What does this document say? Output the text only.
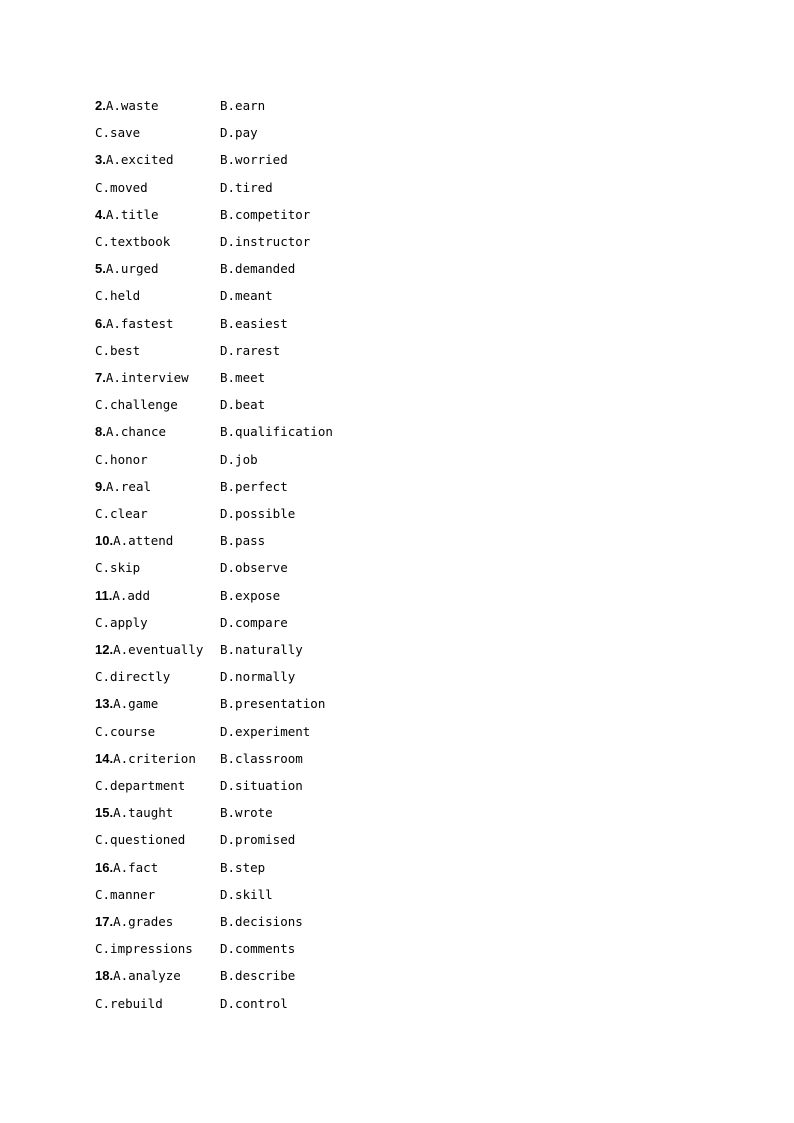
2.A.waste	B.earn
C.save	D.pay
3.A.excited	B.worried
C.moved	D.tired
4.A.title	B.competitor
C.textbook	D.instructor
5.A.urged	B.demanded
C.held	D.meant
6.A.fastest	B.easiest
C.best	D.rarest
7.A.interview	B.meet
C.challenge	D.beat
8.A.chance	B.qualification
C.honor	D.job
9.A.real	B.perfect
C.clear	D.possible
10.A.attend	B.pass
C.skip	D.observe
11.A.add	B.expose
C.apply	D.compare
12.A.eventually B.naturally
C.directly	D.normally
13.A.game	B.presentation
C.course	D.experiment
14.A.criterion B.classroom
C.department	D.situation
15.A.taught	B.wrote
C.questioned	D.promised
16.A.fact	B.step
C.manner	D.skill
17.A.grades	B.decisions
C.impressions D.comments
18.A.analyze	B.describe
C.rebuild	D.control
